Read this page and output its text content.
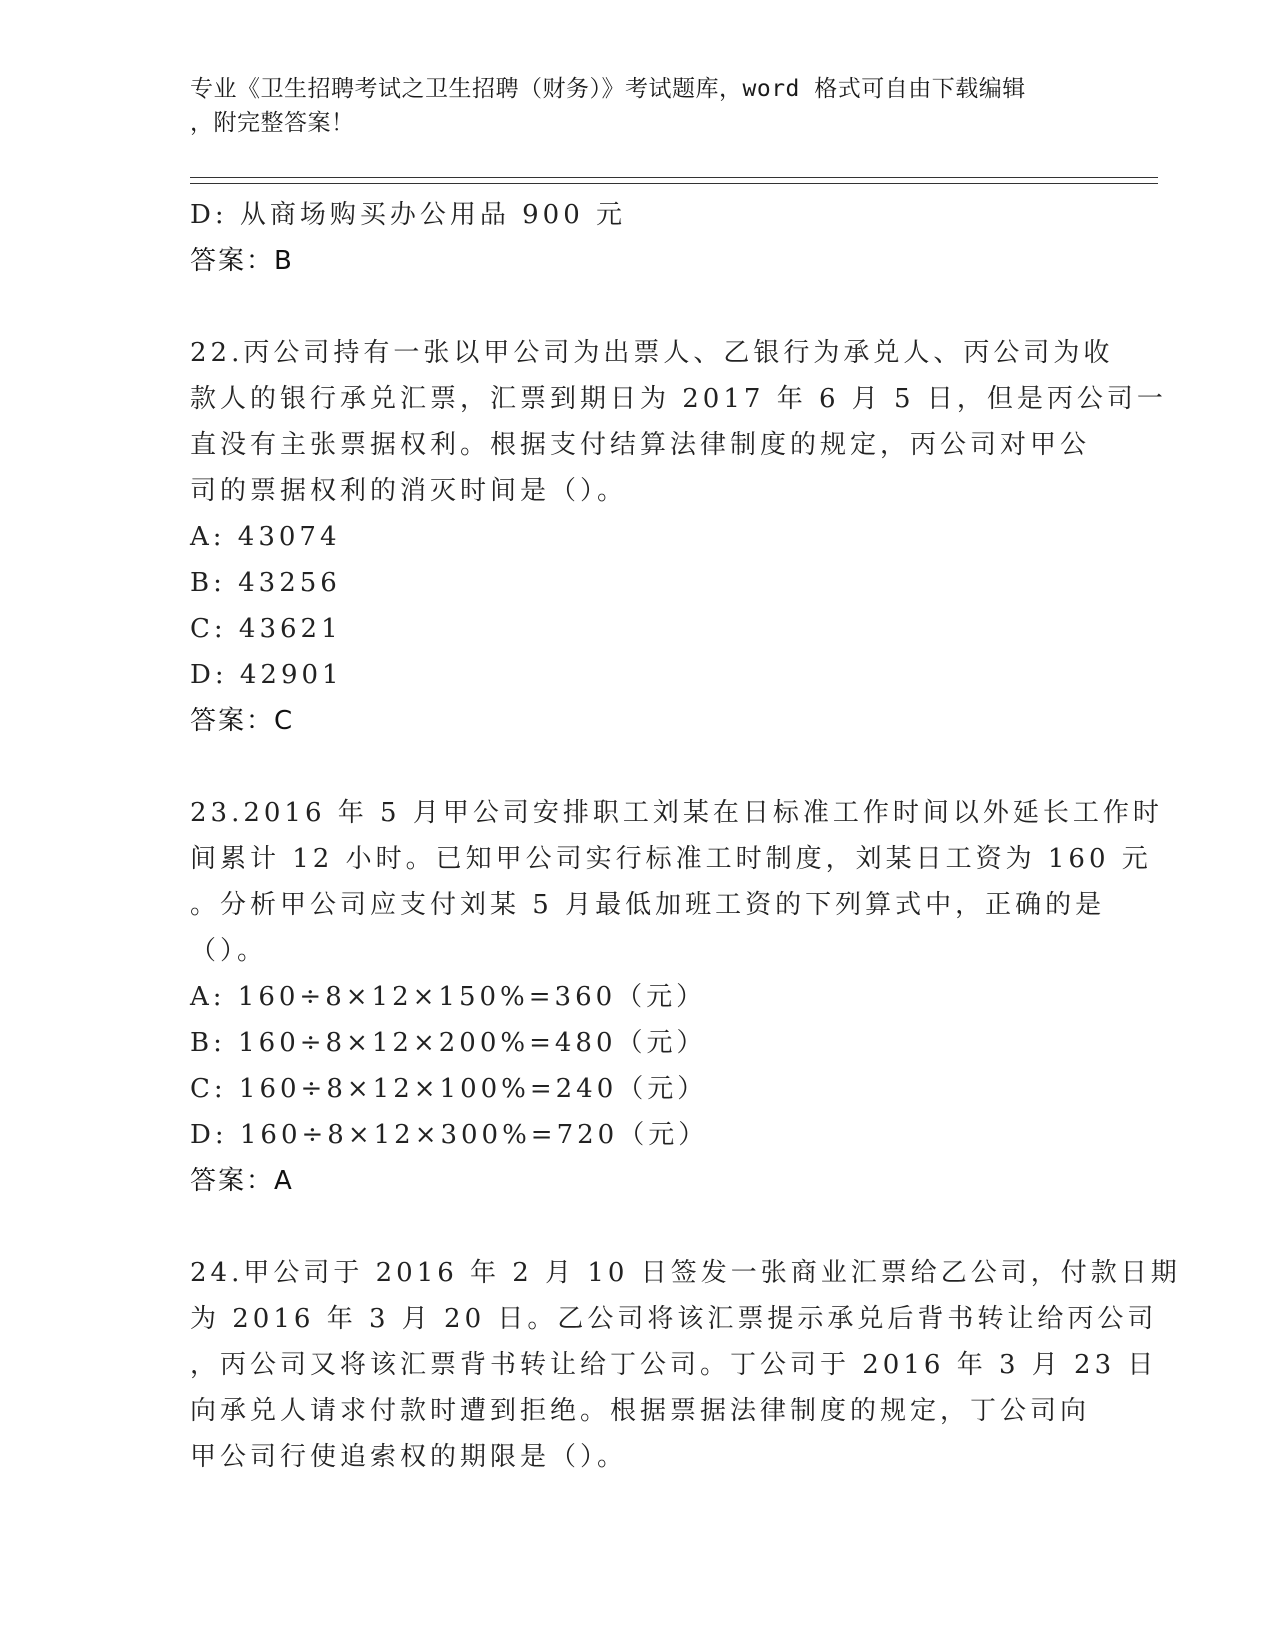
专业《卫生招聘考试之卫生招聘（财务）》考试题库，word 格式可自由下载编辑
，附完整答案！
D: 从商场购买办公用品 900 元
答案：B
22.丙公司持有一张以甲公司为出票人、乙银行为承兑人、丙公司为收
款人的银行承兑汇票，汇票到期日为 2017 年 6 月 5 日，但是丙公司一
直没有主张票据权利。根据支付结算法律制度的规定，丙公司对甲公
司的票据权利的消灭时间是（）。
A: 43074
B: 43256
C: 43621
D: 42901
答案：C
23.2016 年 5 月甲公司安排职工刘某在日标准工作时间以外延长工作时
间累计 12 小时。已知甲公司实行标准工时制度，刘某日工资为 160 元
。分析甲公司应支付刘某 5 月最低加班工资的下列算式中，正确的是
（）。
A: 160÷8×12×150%=360（元）
B: 160÷8×12×200%=480（元）
C: 160÷8×12×100%=240（元）
D: 160÷8×12×300%=720（元）
答案：A
24.甲公司于 2016 年 2 月 10 日签发一张商业汇票给乙公司，付款日期
为 2016 年 3 月 20 日。乙公司将该汇票提示承兑后背书转让给丙公司
，丙公司又将该汇票背书转让给丁公司。丁公司于 2016 年 3 月 23 日
向承兑人请求付款时遭到拒绝。根据票据法律制度的规定，丁公司向
甲公司行使追索权的期限是（）。
